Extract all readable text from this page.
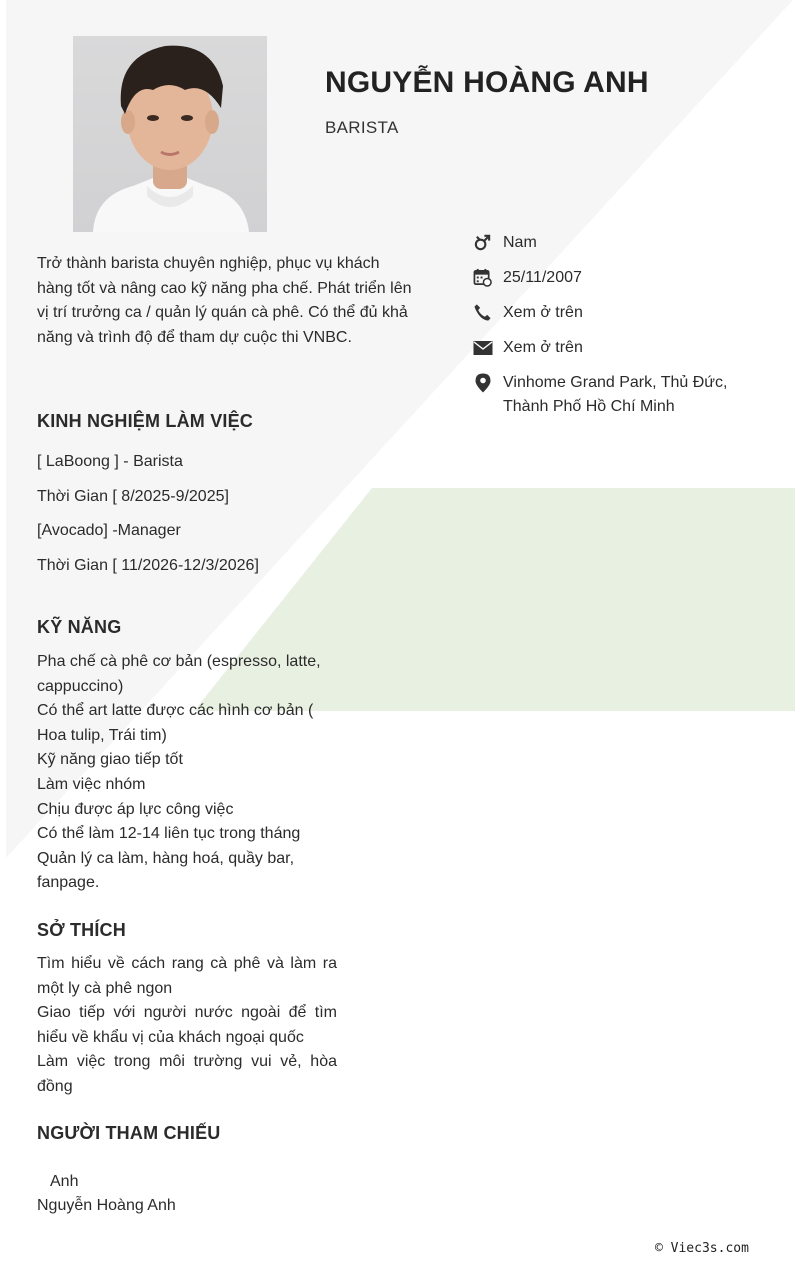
NGUYỄN HOÀNG ANH
BARISTA
Nam
25/11/2007
Xem ở trên
Xem ở trên
Vinhome Grand Park, Thủ Đức, Thành Phố Hồ Chí Minh
Trở thành barista chuyên nghiệp, phục vụ khách hàng tốt và nâng cao kỹ năng pha chế. Phát triển lên vị trí trưởng ca / quản lý quán cà phê. Có thể đủ khả năng và trình độ để tham dự cuộc thi VNBC.
KINH NGHIỆM LÀM VIỆC
[ LaBoong ] - Barista
Thời Gian [ 8/2025-9/2025]
[Avocado] -Manager
Thời Gian [ 11/2026-12/3/2026]
KỸ NĂNG
Pha chế cà phê cơ bản (espresso, latte, cappuccino)
Có thể art latte được các hình cơ bản ( Hoa tulip, Trái tim)
Kỹ năng giao tiếp tốt
Làm việc nhóm
Chịu được áp lực công việc
Có thể làm 12-14 liên tục trong tháng
Quản lý ca làm, hàng hoá, quầy bar, fanpage.
SỞ THÍCH
Tìm hiểu về cách rang cà phê và làm ra một ly cà phê ngon
Giao tiếp với người nước ngoài để tìm hiểu về khẩu vị của khách ngoại quốc
Làm việc trong môi trường vui vẻ, hòa đồng
NGƯỜI THAM CHIẾU
Anh
Nguyễn Hoàng Anh
© Viec3s.com
